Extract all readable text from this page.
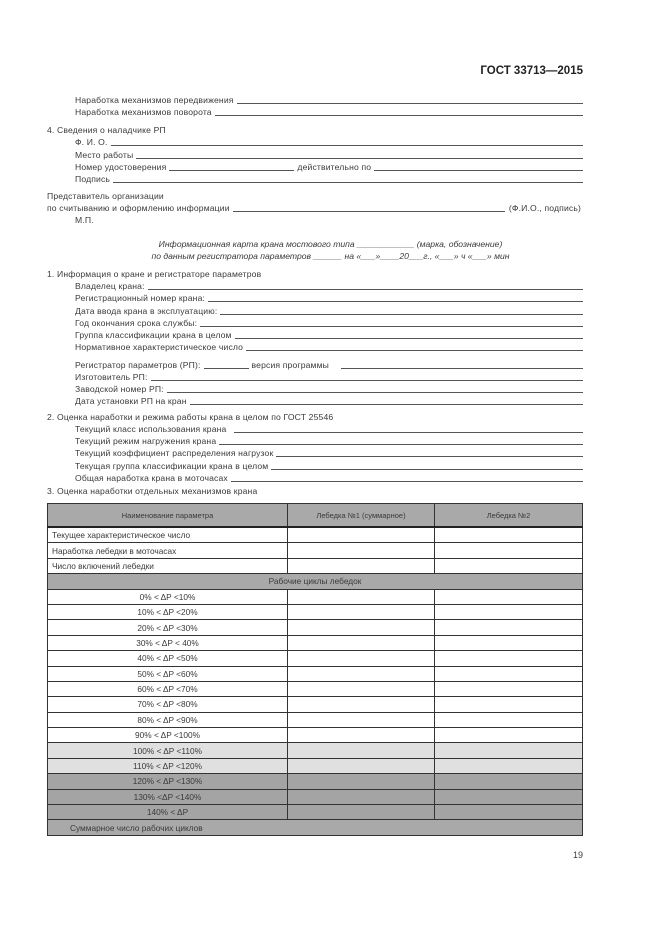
ГОСТ 33713—2015
Наработка механизмов передвижения
Наработка механизмов поворота
4. Сведения о наладчике РП
Ф. И. О.
Место работы
Номер удостоверения	действительно по
Подпись
Представитель организации
по считыванию и оформлению информации	(Ф.И.О., подпись)
М.П.
Информационная карта крана мостового типа ____________ (марка, обозначение)
по данным регистратора параметров ______ на «___»____20___г., «___» ч «___» мин
1. Информация о кране и регистраторе параметров
Владелец крана:
Регистрационный номер крана:
Дата ввода крана в эксплуатацию:
Год окончания срока службы:
Группа классификации крана в целом
Нормативное характеристическое число
Регистратор параметров (РП):	версия программы
Изготовитель РП:
Заводской номер РП:
Дата установки РП на кран
2. Оценка наработки и режима работы крана в целом по ГОСТ 25546
Текущий класс использования крана
Текущий режим нагружения крана
Текущий коэффициент распределения нагрузок
Текущая группа классификации крана в целом
Общая наработка крана в моточасах
3. Оценка наработки отдельных механизмов крана
Наименование параметра	Лебедка №1 (суммарное)	Лебедка №2
Текущее характеристическое число		
Наработка лебедки в моточасах		
Число включений лебедки		
Рабочие циклы лебедок		
0% < ΔP <10%		
10% < ΔP <20%		
20% < ΔP <30%		
30% < ΔP < 40%		
40% < ΔP <50%		
50% < ΔP <60%		
60% < ΔP <70%		
70% < ΔP <80%		
80% < ΔP <90%		
90% < ΔP <100%		
100% < ΔP <110%		
110% < ΔP <120%		
120% < ΔP <130%		
130% <ΔP <140%		
140% < ΔP		
Суммарное число рабочих циклов		
19
